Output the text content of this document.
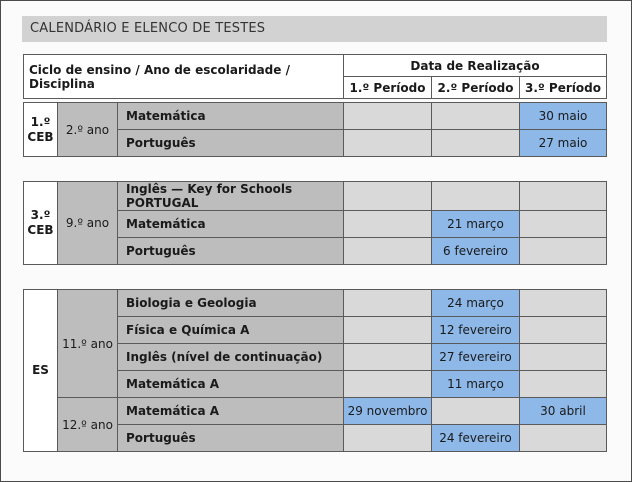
CALENDÁRIO E ELENCO DE TESTES
Ciclo de ensino / Ano de escolaridade / Disciplina	Data de Realização		
	1.º Período	2.º Período	3.º Período
1.º
CEB	2.º ano	Matemática			30 maio
		Português			27 maio
3.º
CEB	9.º ano	Inglês — Key for Schools PORTUGAL			
		Matemática		21 março	
		Português		6 fevereiro	
ES	11.º ano	Biologia e Geologia		24 março	
		Física e Química A		12 fevereiro	
		Inglês (nível de continuação)		27 fevereiro	
		Matemática A		11 março	
	12.º ano	Matemática A	29 novembro		30 abril
		Português		24 fevereiro	
